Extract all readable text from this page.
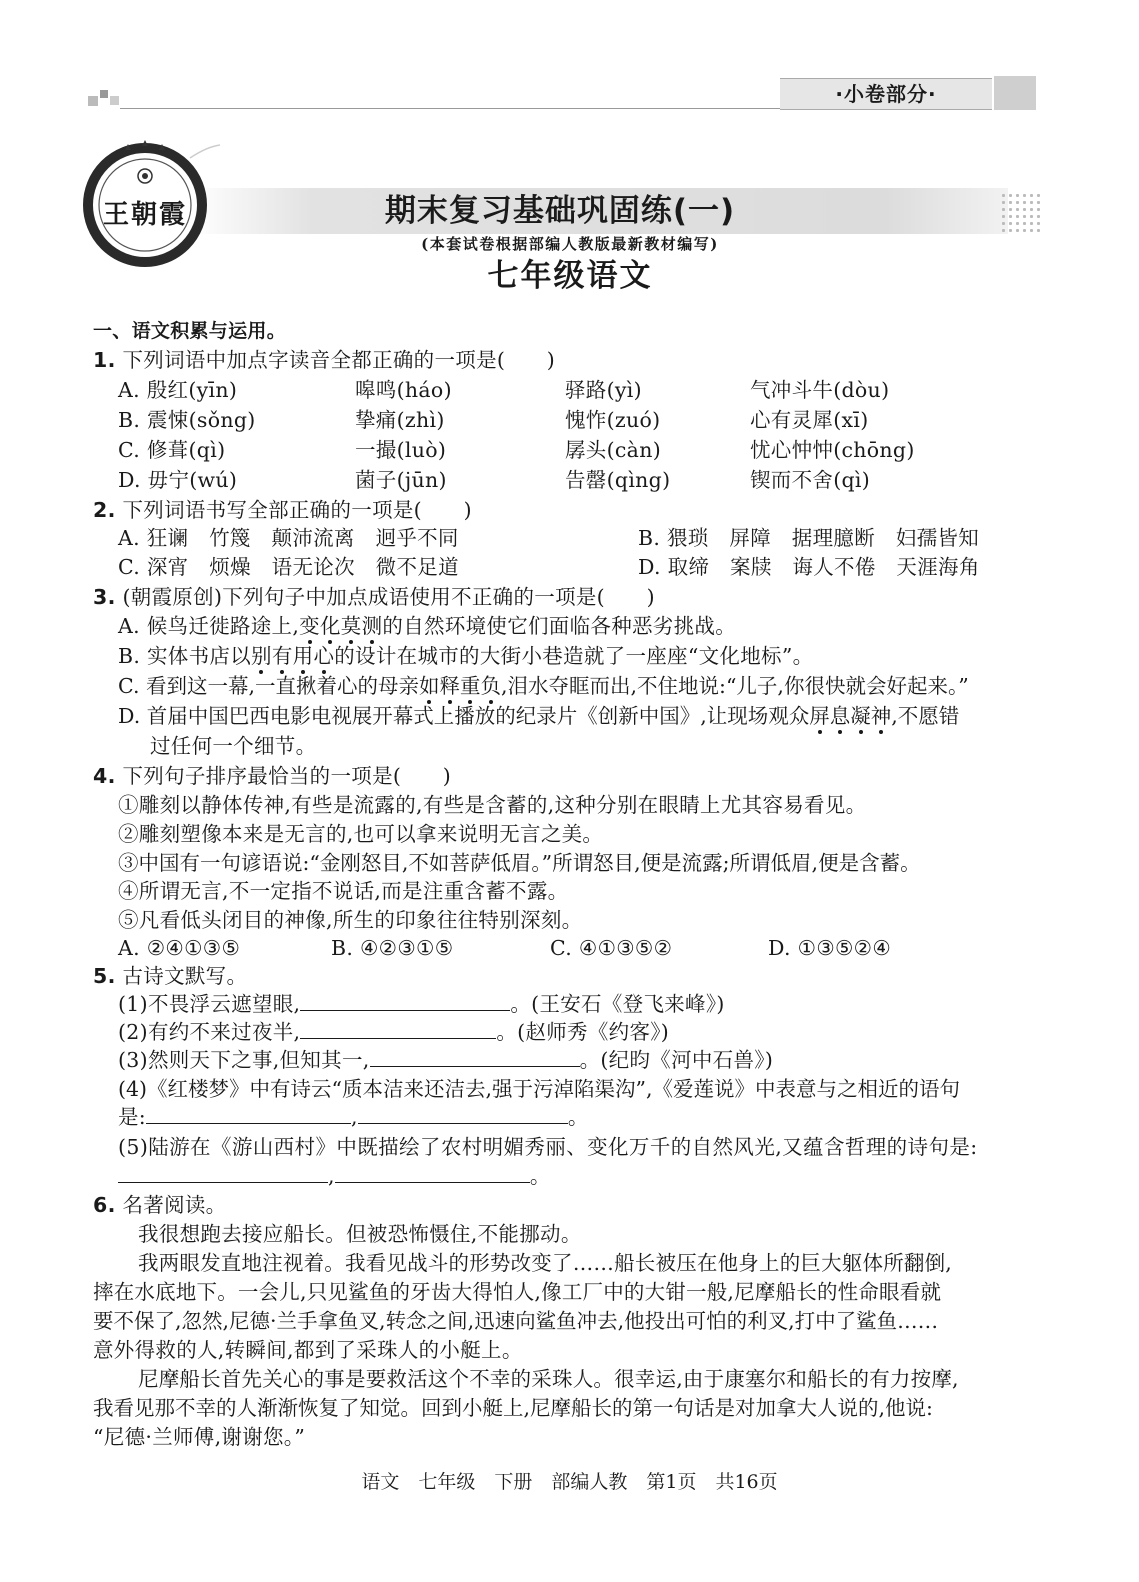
·小卷部分·
王朝霞	期末复习基础巩固练(一)
(本套试卷根据部编人教版最新教材编写)
七年级语文
一、语文积累与运用。
1. 下列词语中加点字读音全都正确的一项是(　　)
A. 殷红(yīn)	嗥鸣(háo)	驿路(yì)	气冲斗牛(dòu)
B. 震悚(sǒng)	挚痛(zhì)	愧怍(zuó)	心有灵犀(xī)
C. 修葺(qì)	一撮(luò)	孱头(càn)	忧心忡忡(chōng)
D. 毋宁(wú)	菌子(jūn)	告罄(qìng)	锲而不舍(qì)
2. 下列词语书写全部正确的一项是(　　)
A. 狂谰　竹篾　颠沛流离　迥乎不同	B. 猥琐　屏障　据理臆断　妇孺皆知
C. 深宵　烦燥　语无论次　微不足道	D. 取缔　案牍　诲人不倦　天涯海角
3. (朝霞原创)下列句子中加点成语使用不正确的一项是(　　)
A. 候鸟迁徙路途上,变化莫测的自然环境使它们面临各种恶劣挑战。
B. 实体书店以别有用心的设计在城市的大街小巷造就了一座座“文化地标”。
C. 看到这一幕,一直揪着心的母亲如释重负,泪水夺眶而出,不住地说:“儿子,你很快就会好起来。”
D. 首届中国巴西电影电视展开幕式上播放的纪录片《创新中国》,让现场观众屏息凝神,不愿错
过任何一个细节。
4. 下列句子排序最恰当的一项是(　　)
①雕刻以静体传神,有些是流露的,有些是含蓄的,这种分别在眼睛上尤其容易看见。
②雕刻塑像本来是无言的,也可以拿来说明无言之美。
③中国有一句谚语说:“金刚怒目,不如菩萨低眉。”所谓怒目,便是流露;所谓低眉,便是含蓄。
④所谓无言,不一定指不说话,而是注重含蓄不露。
⑤凡看低头闭目的神像,所生的印象往往特别深刻。
A. ②④①③⑤	B. ④②③①⑤	C. ④①③⑤②	D. ①③⑤②④
5. 古诗文默写。
(1)不畏浮云遮望眼,	。(王安石《登飞来峰》)
(2)有约不来过夜半,	。(赵师秀《约客》)
(3)然则天下之事,但知其一,	。(纪昀《河中石兽》)
(4)《红楼梦》中有诗云“质本洁来还洁去,强于污淖陷渠沟”,《爱莲说》中表意与之相近的语句
是:	,	。
(5)陆游在《游山西村》中既描绘了农村明媚秀丽、变化万千的自然风光,又蕴含哲理的诗句是:
,	。
6. 名著阅读。
我很想跑去接应船长。但被恐怖慑住,不能挪动。
我两眼发直地注视着。我看见战斗的形势改变了……船长被压在他身上的巨大躯体所翻倒,
摔在水底地下。一会儿,只见鲨鱼的牙齿大得怕人,像工厂中的大钳一般,尼摩船长的性命眼看就
要不保了,忽然,尼德·兰手拿鱼叉,转念之间,迅速向鲨鱼冲去,他投出可怕的利叉,打中了鲨鱼……
意外得救的人,转瞬间,都到了采珠人的小艇上。
尼摩船长首先关心的事是要救活这个不幸的采珠人。很幸运,由于康塞尔和船长的有力按摩,
我看见那不幸的人渐渐恢复了知觉。回到小艇上,尼摩船长的第一句话是对加拿大人说的,他说:
“尼德·兰师傅,谢谢您。”
语文　七年级　下册　部编人教　第1页　共16页
